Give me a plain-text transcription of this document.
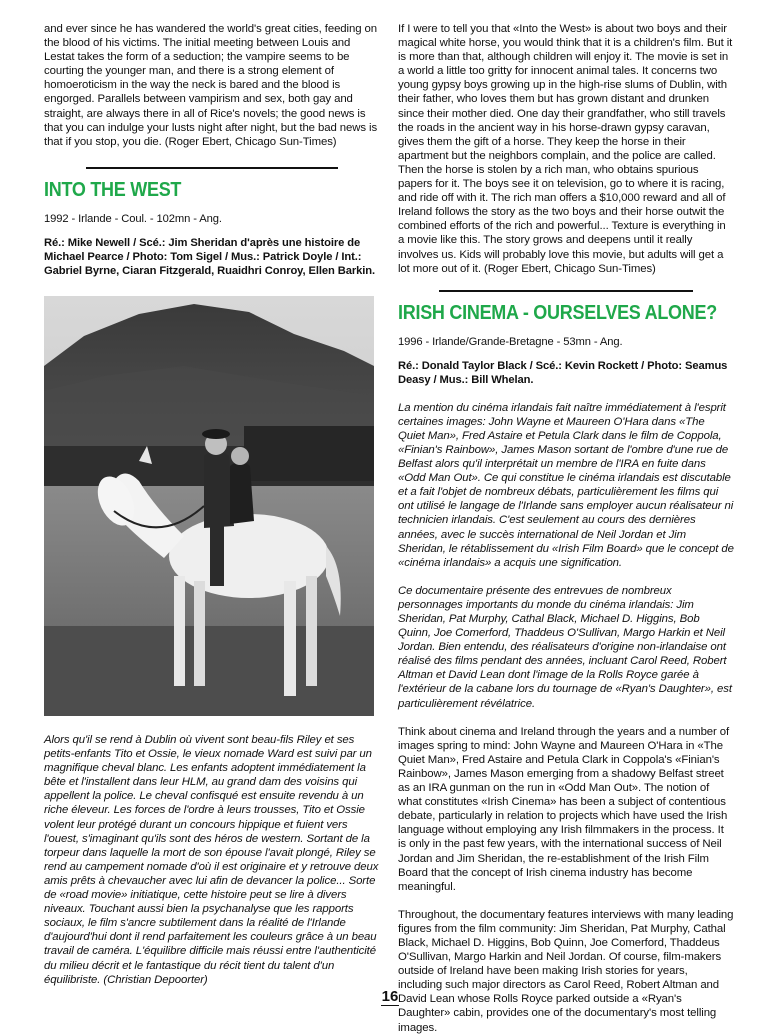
and ever since he has wandered the world's great cities, feeding on the blood of his victims. The initial meeting between Louis and Lestat takes the form of a seduction; the vampire seems to be courting the younger man, and there is a strong element of homoeroticism in the way the neck is bared and the blood is engorged. Parallels between vampirism and sex, both gay and straight, are always there in all of Rice's novels; the good news is that you can indulge your lusts night after night, but the bad news is that if you stop, you die. (Roger Ebert, Chicago Sun-Times)

INTO THE WEST

1992 - Irlande - Coul. - 102mn - Ang.

Ré.: Mike Newell / Scé.: Jim Sheridan d'après une histoire de Michael Pearce / Photo: Tom Sigel / Mus.: Patrick Doyle / Int.: Gabriel Byrne, Ciaran Fitzgerald, Ruaidhri Conroy, Ellen Barkin.

Alors qu'il se rend à Dublin où vivent sont beau-fils Riley et ses petits-enfants Tito et Ossie, le vieux nomade Ward est suivi par un magnifique cheval blanc. Les enfants adoptent immédiatement la bête et l'installent dans leur HLM, au grand dam des voisins qui appellent la police. Le cheval confisqué est ensuite revendu à un riche éleveur. Les forces de l'ordre à leurs trousses, Tito et Ossie volent leur protégé durant un concours hippique et fuient vers l'ouest, s'imaginant qu'ils sont des héros de western. Sortant de la torpeur dans laquelle la mort de son épouse l'avait plongé, Riley se rend au campement nomade d'où il est originaire et y retrouve deux amis prêts à chevaucher avec lui afin de devancer la police... Sorte de «road movie» initiatique, cette histoire peut se lire à divers niveaux. Touchant aussi bien la psychanalyse que les rapports sociaux, le film s'ancre subtilement dans la réalité de l'Irlande d'aujourd'hui dont il rend parfaitement les couleurs grâce à un beau travail de caméra. L'équilibre difficile mais réussi entre l'authenticité du milieu décrit et le fantastique du récit tient du talent d'un équilibriste. (Christian Depoorter)

If I were to tell you that «Into the West» is about two boys and their magical white horse, you would think that it is a children's film. But it is more than that, although children will enjoy it. The movie is set in a world a little too gritty for innocent animal tales. It concerns two young gypsy boys growing up in the high-rise slums of Dublin, with their father, who loves them but has grown distant and drunken since their mother died. One day their grandfather, who still travels the roads in the ancient way in his horse-drawn gypsy caravan, gives them the gift of a horse. They keep the horse in their apartment but the neighbors complain, and the police are called. Then the horse is stolen by a rich man, who obtains spurious papers for it. The boys see it on television, go to where it is racing, and ride off with it. The rich man offers a $10,000 reward and all of Ireland follows the story as the two boys and their horse outwit the combined efforts of the rich and powerful... Texture is everything in a movie like this. The story grows and deepens until it really involves us. Kids will probably love this movie, but adults will get a lot more out of it. (Roger Ebert, Chicago Sun-Times)

IRISH CINEMA - OURSELVES ALONE?

1996 - Irlande/Grande-Bretagne - 53mn - Ang.

Ré.: Donald Taylor Black / Scé.: Kevin Rockett / Photo: Seamus Deasy / Mus.: Bill Whelan.

La mention du cinéma irlandais fait naître immédiatement à l'esprit certaines images: John Wayne et Maureen O'Hara dans «The Quiet Man», Fred Astaire et Petula Clark dans le film de Coppola, «Finian's Rainbow», James Mason sortant de l'ombre d'une rue de Belfast alors qu'il interprétait un membre de l'IRA en fuite dans «Odd Man Out». Ce qui constitue le cinéma irlandais est discutable et a fait l'objet de nombreux débats, particulièrement les films qui ont utilisé le langage de l'Irlande sans employer aucun réalisateur ni technicien irlandais. C'est seulement au cours des dernières années, avec le succès international de Neil Jordan et Jim Sheridan, le rétablissement du «Irish Film Board» que le concept de «cinéma irlandais» a acquis une signification.

Ce documentaire présente des entrevues de nombreux personnages importants du monde du cinéma irlandais: Jim Sheridan, Pat Murphy, Cathal Black, Michael D. Higgins, Bob Quinn, Joe Comerford, Thaddeus O'Sullivan, Margo Harkin et Neil Jordan. Bien entendu, des réalisateurs d'origine non-irlandaise ont réalisé des films pendant des années, incluant Carol Reed, Robert Altman et David Lean dont l'image de la Rolls Royce garée à l'extérieur de la cabane lors du tournage de «Ryan's Daughter», est particulièrement révélatrice.

Think about cinema and Ireland through the years and a number of images spring to mind: John Wayne and Maureen O'Hara in «The Quiet Man», Fred Astaire and Petula Clark in Coppola's «Finian's Rainbow», James Mason emerging from a shadowy Belfast street as an IRA gunman on the run in «Odd Man Out». The notion of what constitutes «Irish Cinema» has been a subject of contentious debate, particularly in relation to projects which have used the Irish language without employing any Irish filmmakers in the process. It is only in the past few years, with the international success of Neil Jordan and Jim Sheridan, the re-establishment of the Irish Film Board that the concept of Irish cinema industry has become meaningful.

Throughout, the documentary features interviews with many leading figures from the film community: Jim Sheridan, Pat Murphy, Cathal Black, Michael D. Higgins, Bob Quinn, Joe Comerford, Thaddeus O'Sullivan, Margo Harkin and Neil Jordan. Of course, film-makers outside of Ireland have been making Irish stories for years, including such major directors as Carol Reed, Robert Altman and David Lean whose Rolls Royce parked outside a «Ryan's Daughter» cabin, provides one of the documentary's most telling images.

16
